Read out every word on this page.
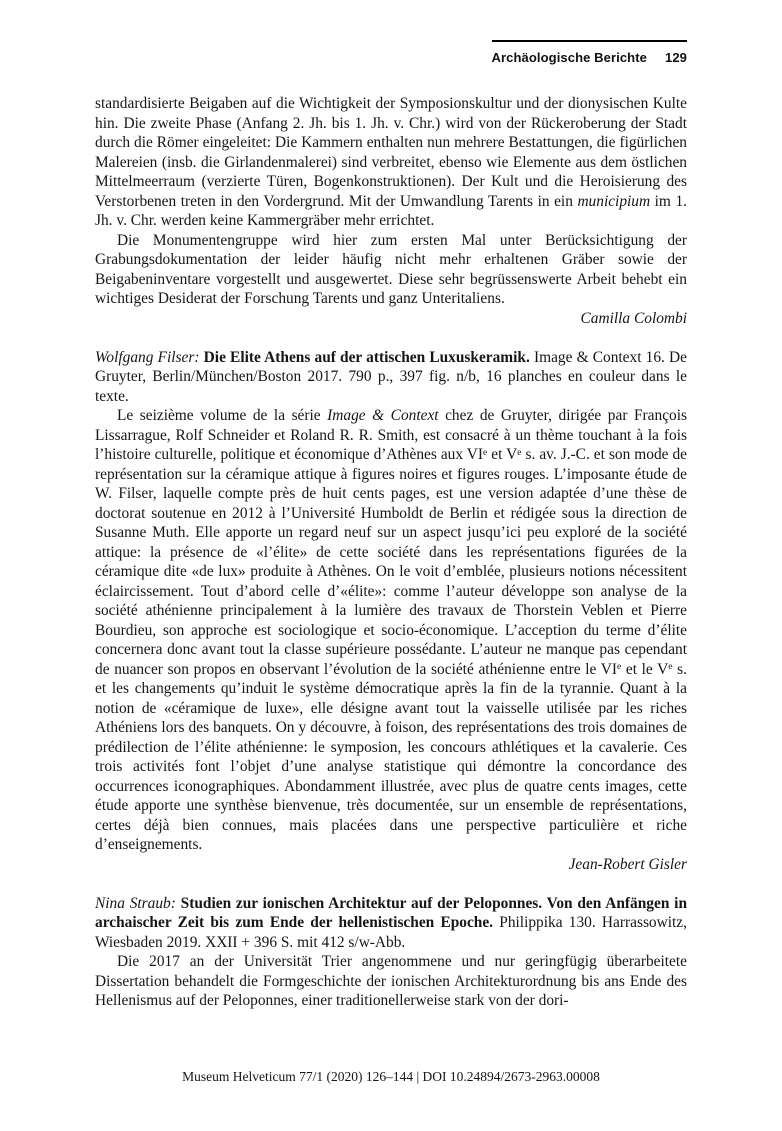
Archäologische Berichte 129

standardisierte Beigaben auf die Wichtigkeit der Symposionskultur und der dionysischen Kulte hin. Die zweite Phase (Anfang 2. Jh. bis 1. Jh. v. Chr.) wird von der Rückeroberung der Stadt durch die Römer eingeleitet: Die Kammern enthalten nun mehrere Bestattungen, die figürlichen Malereien (insb. die Girlandenmalerei) sind verbreitet, ebenso wie Elemente aus dem östlichen Mittelmeerraum (verzierte Türen, Bogenkonstruktionen). Der Kult und die Heroisierung des Verstorbenen treten in den Vordergrund. Mit der Umwandlung Tarents in ein municipium im 1. Jh. v. Chr. werden keine Kammergräber mehr errichtet.

Die Monumentengruppe wird hier zum ersten Mal unter Berücksichtigung der Grabungsdokumentation der leider häufig nicht mehr erhaltenen Gräber sowie der Beigabeninventare vorgestellt und ausgewertet. Diese sehr begrüssenswerte Arbeit behebt ein wichtiges Desiderat der Forschung Tarents und ganz Unteritaliens.

Camilla Colombi

Wolfgang Filser: Die Elite Athens auf der attischen Luxuskeramik. Image & Context 16. De Gruyter, Berlin/München/Boston 2017. 790 p., 397 fig. n/b, 16 planches en couleur dans le texte.

Le seizième volume de la série Image & Context chez de Gruyter, dirigée par François Lissarrague, Rolf Schneider et Roland R. R. Smith, est consacré à un thème touchant à la fois l’histoire culturelle, politique et économique d’Athènes aux VIe et Ve s. av. J.-C. et son mode de représentation sur la céramique attique à figures noires et figures rouges. L’imposante étude de W. Filser, laquelle compte près de huit cents pages, est une version adaptée d’une thèse de doctorat soutenue en 2012 à l’Université Humboldt de Berlin et rédigée sous la direction de Susanne Muth. Elle apporte un regard neuf sur un aspect jusqu’ici peu exploré de la société attique: la présence de «l’élite» de cette société dans les représentations figurées de la céramique dite «de lux» produite à Athènes. On le voit d’emblée, plusieurs notions nécessitent éclaircissement. Tout d’abord celle d’«élite»: comme l’auteur développe son analyse de la société athénienne principalement à la lumière des travaux de Thorstein Veblen et Pierre Bourdieu, son approche est sociologique et socio-économique. L’acception du terme d’élite concernera donc avant tout la classe supérieure possédante. L’auteur ne manque pas cependant de nuancer son propos en observant l’évolution de la société athénienne entre le VIe et le Ve s. et les changements qu’induit le système démocratique après la fin de la tyrannie. Quant à la notion de «céramique de luxe», elle désigne avant tout la vaisselle utilisée par les riches Athéniens lors des banquets. On y découvre, à foison, des représentations des trois domaines de prédilection de l’élite athénienne: le symposion, les concours athlétiques et la cavalerie. Ces trois activités font l’objet d’une analyse statistique qui démontre la concordance des occurrences iconographiques. Abondamment illustrée, avec plus de quatre cents images, cette étude apporte une synthèse bienvenue, très documentée, sur un ensemble de représentations, certes déjà bien connues, mais placées dans une perspective particulière et riche d’enseignements.

Jean-Robert Gisler

Nina Straub: Studien zur ionischen Architektur auf der Peloponnes. Von den Anfängen in archaischer Zeit bis zum Ende der hellenistischen Epoche. Philippika 130. Harrassowitz, Wiesbaden 2019. XXII + 396 S. mit 412 s/w-Abb.

Die 2017 an der Universität Trier angenommene und nur geringfügig überarbeitete Dissertation behandelt die Formgeschichte der ionischen Architekturordnung bis ans Ende des Hellenismus auf der Peloponnes, einer traditionellerweise stark von der dori-

Museum Helveticum 77/1 (2020) 126–144 | DOI 10.24894/2673-2963.00008
